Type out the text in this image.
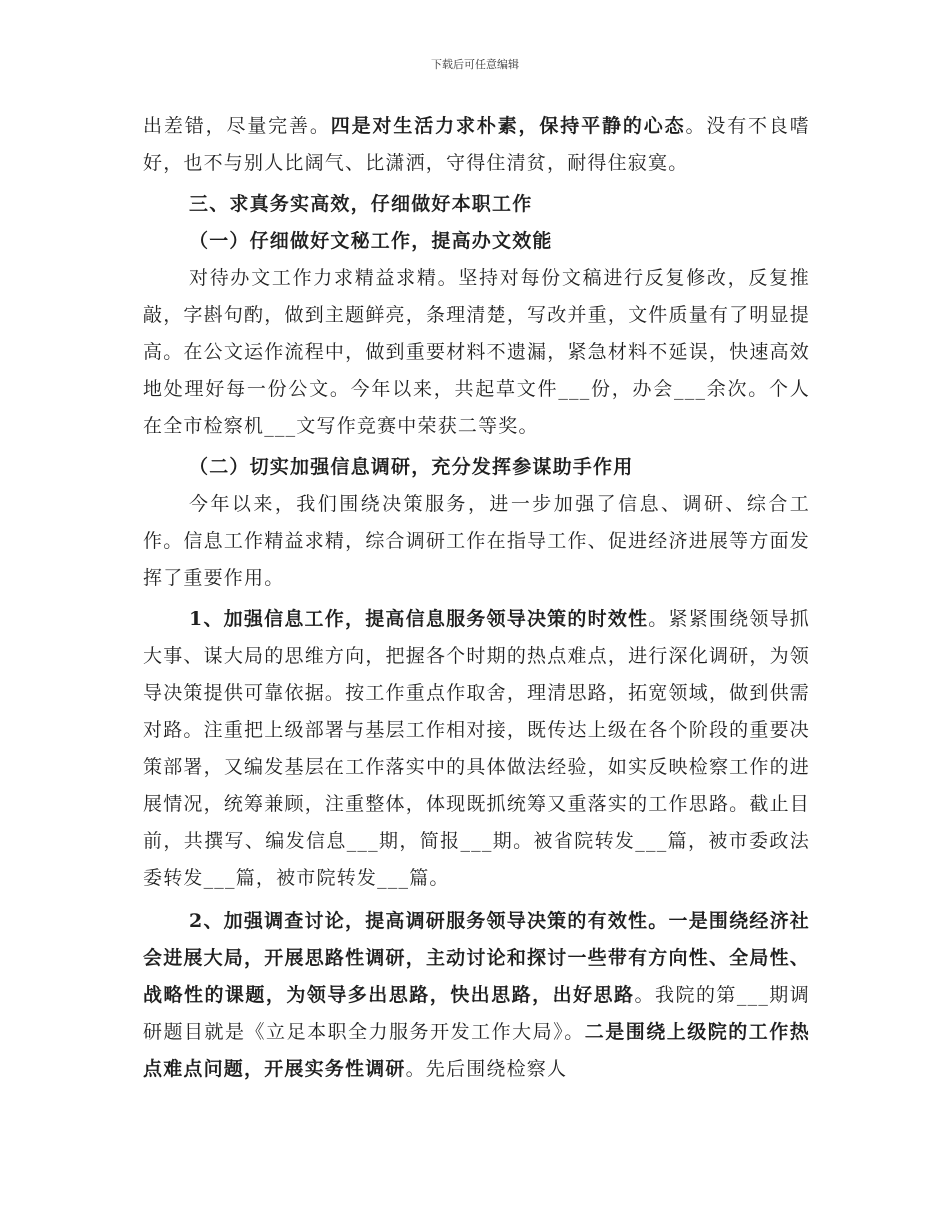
下载后可任意编辑

出差错，尽量完善。四是对生活力求朴素，保持平静的心态。没有不良嗜好，也不与别人比阔气、比潇洒，守得住清贫，耐得住寂寞。

三、求真务实高效，仔细做好本职工作

（一）仔细做好文秘工作，提高办文效能

对待办文工作力求精益求精。坚持对每份文稿进行反复修改，反复推敲，字斟句酌，做到主题鲜亮，条理清楚，写改并重，文件质量有了明显提高。在公文运作流程中，做到重要材料不遗漏，紧急材料不延误，快速高效地处理好每一份公文。今年以来，共起草文件___份，办会___余次。个人在全市检察机___文写作竞赛中荣获二等奖。

（二）切实加强信息调研，充分发挥参谋助手作用

今年以来，我们围绕决策服务，进一步加强了信息、调研、综合工作。信息工作精益求精，综合调研工作在指导工作、促进经济进展等方面发挥了重要作用。

1、加强信息工作，提高信息服务领导决策的时效性。紧紧围绕领导抓大事、谋大局的思维方向，把握各个时期的热点难点，进行深化调研，为领导决策提供可靠依据。按工作重点作取舍，理清思路，拓宽领域，做到供需对路。注重把上级部署与基层工作相对接，既传达上级在各个阶段的重要决策部署，又编发基层在工作落实中的具体做法经验，如实反映检察工作的进展情况，统筹兼顾，注重整体，体现既抓统筹又重落实的工作思路。截止目前，共撰写、编发信息___期，简报___期。被省院转发___篇，被市委政法委转发___篇，被市院转发___篇。

2、加强调查讨论，提高调研服务领导决策的有效性。一是围绕经济社会进展大局，开展思路性调研，主动讨论和探讨一些带有方向性、全局性、战略性的课题，为领导多出思路，快出思路，出好思路。我院的第___期调研题目就是《立足本职全力服务开发工作大局》。二是围绕上级院的工作热点难点问题，开展实务性调研。先后围绕检察人
